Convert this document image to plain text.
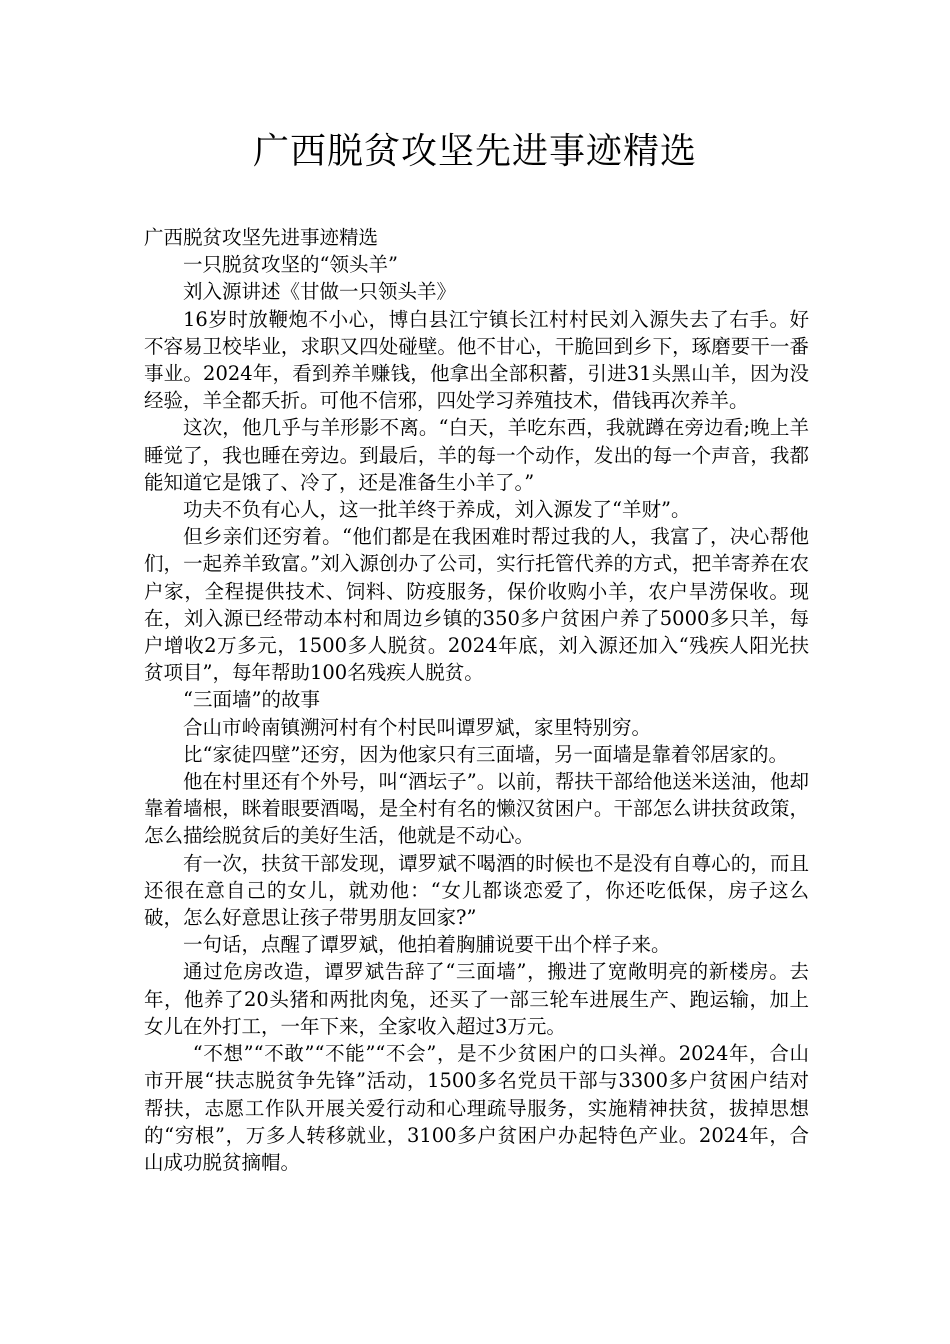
广西脱贫攻坚先进事迹精选

广西脱贫攻坚先进事迹精选

一只脱贫攻坚的“领头羊”

刘入源讲述《甘做一只领头羊》

16岁时放鞭炮不小心，博白县江宁镇长江村村民刘入源失去了右手。好不容易卫校毕业，求职又四处碰壁。他不甘心，干脆回到乡下，琢磨要干一番事业。2024年，看到养羊赚钱，他拿出全部积蓄，引进31头黑山羊，因为没经验，羊全都夭折。可他不信邪，四处学习养殖技术，借钱再次养羊。

这次，他几乎与羊形影不离。“白天，羊吃东西，我就蹲在旁边看;晚上羊睡觉了，我也睡在旁边。到最后，羊的每一个动作，发出的每一个声音，我都能知道它是饿了、冷了，还是准备生小羊了。”

功夫不负有心人，这一批羊终于养成，刘入源发了“羊财”。

但乡亲们还穷着。“他们都是在我困难时帮过我的人，我富了，决心帮他们，一起养羊致富。”刘入源创办了公司，实行托管代养的方式，把羊寄养在农户家，全程提供技术、饲料、防疫服务，保价收购小羊，农户旱涝保收。现在，刘入源已经带动本村和周边乡镇的350多户贫困户养了5000多只羊，每户增收2万多元，1500多人脱贫。2024年底，刘入源还加入“残疾人阳光扶贫项目”，每年帮助100名残疾人脱贫。

“三面墙”的故事

合山市岭南镇溯河村有个村民叫谭罗斌，家里特别穷。

比“家徒四壁”还穷，因为他家只有三面墙，另一面墙是靠着邻居家的。

他在村里还有个外号，叫“酒坛子”。以前，帮扶干部给他送米送油，他却靠着墙根，眯着眼要酒喝，是全村有名的懒汉贫困户。干部怎么讲扶贫政策，怎么描绘脱贫后的美好生活，他就是不动心。

有一次，扶贫干部发现，谭罗斌不喝酒的时候也不是没有自尊心的，而且还很在意自己的女儿，就劝他：“女儿都谈恋爱了，你还吃低保，房子这么破，怎么好意思让孩子带男朋友回家?”

一句话，点醒了谭罗斌，他拍着胸脯说要干出个样子来。

通过危房改造，谭罗斌告辞了“三面墙”，搬进了宽敞明亮的新楼房。去年，他养了20头猪和两批肉兔，还买了一部三轮车进展生产、跑运输，加上女儿在外打工，一年下来，全家收入超过3万元。

“不想”“不敢”“不能”“不会”，是不少贫困户的口头禅。2024年，合山市开展“扶志脱贫争先锋”活动，1500多名党员干部与3300多户贫困户结对帮扶，志愿工作队开展关爱行动和心理疏导服务，实施精神扶贫，拔掉思想的“穷根”，万多人转移就业，3100多户贫困户办起特色产业。2024年，合山成功脱贫摘帽。
